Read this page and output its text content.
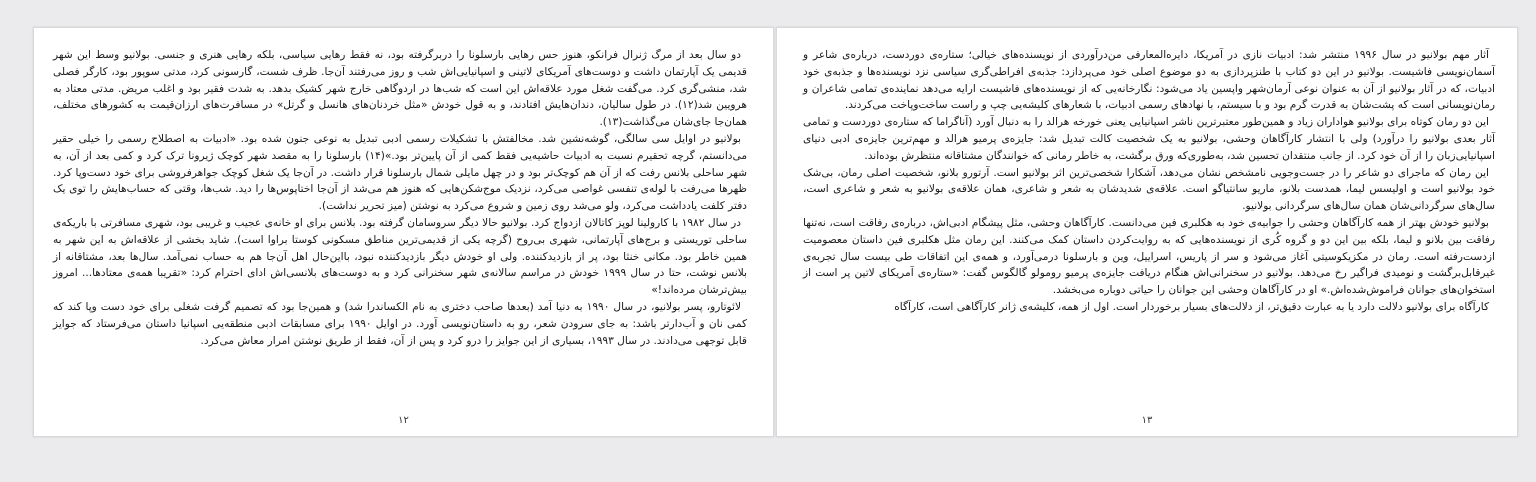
آثار مهم بولانیو در سال ۱۹۹۶ منتشر شد: ادبیات نازی در آمریکا، دایره‌المعارفی من‌درآوردی از نویسنده‌های خیالی؛ ستاره‌ی دوردست، درباره‌ی شاعر و آسمان‌نویسی فاشیست. بولانیو در این دو کتاب با طنزپردازی به دو موضوع اصلی خود می‌پردازد: جذبه‌ی افراطی‌گری سیاسی نزد نویسنده‌ها و جذبه‌ی خود ادبیات، که در آثار بولانیو از آن به عنوان نوعی آرمان‌شهر واپسین یاد می‌شود: نگارخانه‌یی که از نویسنده‌های فاشیست ارایه می‌دهد نماینده‌ی تمامی شاعران و رمان‌نویسانی است که پشت‌شان به قدرت گرم بود و با سیستم، با نهادهای رسمی ادبیات، با شعارهای کلیشه‌یی چپ و راست ساخت‌وپاخت می‌کردند.

این دو رمان کوتاه برای بولانیو هواداران زیاد و همین‌طور معتبرترین ناشر اسپانیایی یعنی خورخه هرالد را به دنبال آورد (آناگراما که ستاره‌ی دوردست و تمامی آثار بعدی بولانیو را درآورد) ولی با انتشار کارآگاهان وحشی، بولانیو به یک شخصیت کالت تبدیل شد: جایزه‌ی پرمیو هرالد و مهم‌ترین جایزه‌ی ادبی دنیای اسپانیایی‌زبان را از آن خود کرد. از جانب منتقدان تحسین شد، به‌طوری‌که ورق برگشت، به خاطر رمانی که خوانندگان مشتاقانه منتظرش بوده‌اند.

این رمان که ماجرای دو شاعر را در جست‌وجویی نامشخص نشان می‌دهد، آشکارا شخصی‌ترین اثر بولانیو است. آرتورو بلانو، شخصیت اصلی رمان، بی‌شک خود بولانیو است و اولیسس لیما، همدست بلانو، ماریو سانتیاگو است. علاقه‌ی شدیدشان به شعر و شاعری، همان علاقه‌ی بولانیو به شعر و شاعری است، سال‌های سرگردانی‌شان همان سال‌های سرگردانی بولانیو.

بولانیو خودش بهتر از همه کارآگاهان وحشی را جوابیه‌ی خود به هکلبری فین می‌دانست. کارآگاهان وحشی، مثل پیشگام ادبی‌اش، درباره‌ی رفاقت است، نه‌تنها رفاقت بین بلانو و لیما، بلکه بین این دو و گروه کُری از نویسنده‌هایی که به روایت‌کردن داستان کمک می‌کنند. این رمان مثل هکلبری فین داستان معصومیت ازدست‌رفته است. رمان در مکزیکوسیتی آغاز می‌شود و سر از پاریس، اسراییل، وین و بارسلونا درمی‌آورد، و همه‌ی این اتفاقات طی بیست سال تجربه‌ی غیرقابل‌برگشت و نومیدی فراگیر رخ می‌دهد. بولانیو در سخنرانی‌اش هنگام دریافت جایزه‌ی پرمیو رومولو گالگوس گفت: «ستاره‌ی آمریکای لاتین پر است از استخوان‌های جوانان فراموش‌شده‌اش.» او در کارآگاهان وحشی این جوانان را حیاتی دوباره می‌بخشد.

کارآگاه برای بولانیو دلالت دارد یا به عبارت دقیق‌تر، از دلالت‌های بسیار برخوردار است. اول از همه، کلیشه‌ی ژانر کارآگاهی است، کارآگاه

۱۳

دو سال بعد از مرگ ژنرال فرانکو، هنوز حس رهایی بارسلونا را دربرگرفته بود، نه فقط رهایی سیاسی، بلکه رهایی هنری و جنسی. بولانیو وسط این شهر قدیمی یک آپارتمان داشت و دوست‌های آمریکای لاتینی و اسپانیایی‌اش شب و روز می‌رفتند آن‌جا. ظرف شست، گارسونی کرد، مدتی سوپور بود، کارگر فصلی شد، منشی‌گری کرد. می‌گفت شغل مورد علاقه‌اش این است که شب‌ها در اردوگاهی خارج شهر کشیک بدهد. به شدت فقیر بود و اغلب مریض. مدتی معتاد به هرویین شد(۱۲). در طول سالیان، دندان‌هایش افتادند، و به قول خودش «مثل خردنان‌های هانسل و گرتل» در مسافرت‌های ارزان‌قیمت به کشورهای مختلف، همان‌جا جای‌شان می‌گذاشت(۱۳).

بولانیو در اوایل سی سالگی، گوشه‌نشین شد. مخالفتش با تشکیلات رسمی ادبی تبدیل به نوعی جنون شده بود. «ادبیات به اصطلاح رسمی را خیلی حقیر می‌دانستم، گرچه تحقیرم نسبت به ادبیات حاشیه‌یی فقط کمی از آن پایین‌تر بود.»(۱۴) بارسلونا را به مقصد شهر کوچک ژیرونا ترک کرد و کمی بعد از آن، به شهر ساحلی بلانس رفت که از آن هم کوچک‌تر بود و در چهل مایلی شمال بارسلونا قرار داشت. در آن‌جا یک شغل کوچک جواهرفروشی برای خود دست‌وپا کرد. ظهرها می‌رفت با لوله‌ی تنفسی غواصی می‌کرد، نزدیک موج‌شکن‌هایی که هنوز هم می‌شد از آن‌جا اختاپوس‌ها را دید. شب‌ها، وقتی که حساب‌هایش را توی یک دفتر کلفت یادداشت می‌کرد، ولو می‌شد روی زمین و شروع می‌کرد به نوشتن (میز تحریر نداشت).

در سال ۱۹۸۲ با کارولینا لوپز کاتالان ازدواج کرد. بولانیو حالا دیگر سروسامان گرفته بود. بلانس برای او خانه‌ی عجیب و غریبی بود، شهری مسافرتی با باریکه‌ی ساحلی توریستی و برج‌های آپارتمانی، شهری بی‌روح (گرچه یکی از قدیمی‌ترین مناطق مسکونی کوستا براوا است). شاید بخشی از علاقه‌اش به این شهر به همین خاطر بود. مکانی خنثا بود، پر از بازدیدکننده. ولی او خودش دیگر بازدیدکننده نبود، بااین‌حال اهل آن‌جا هم به حساب نمی‌آمد. سال‌ها بعد، مشتاقانه از بلانس نوشت، حتا در سال ۱۹۹۹ خودش در مراسم سالانه‌ی شهر سخنرانی کرد و به دوست‌های بلانسی‌اش ادای احترام کرد: «تقریبا همه‌ی معتادها... امروز بیش‌ترشان مرده‌اند!»

لائوتارو، پسر بولانیو، در سال ۱۹۹۰ به دنیا آمد (بعدها صاحب دختری به نام الکساندرا شد) و همین‌جا بود که تصمیم گرفت شغلی برای خود دست وپا کند که کمی نان و آب‌دارتر باشد: به جای سرودن شعر، رو به داستان‌نویسی آورد. در اوایل ۱۹۹۰ برای مسابقات ادبی منطقه‌یی اسپانیا داستان می‌فرستاد که جوایز قابل توجهی می‌دادند. در سال ۱۹۹۳، بسیاری از این جوایز را درو کرد و پس از آن، فقط از طریق نوشتن امرار معاش می‌کرد.

۱۲
